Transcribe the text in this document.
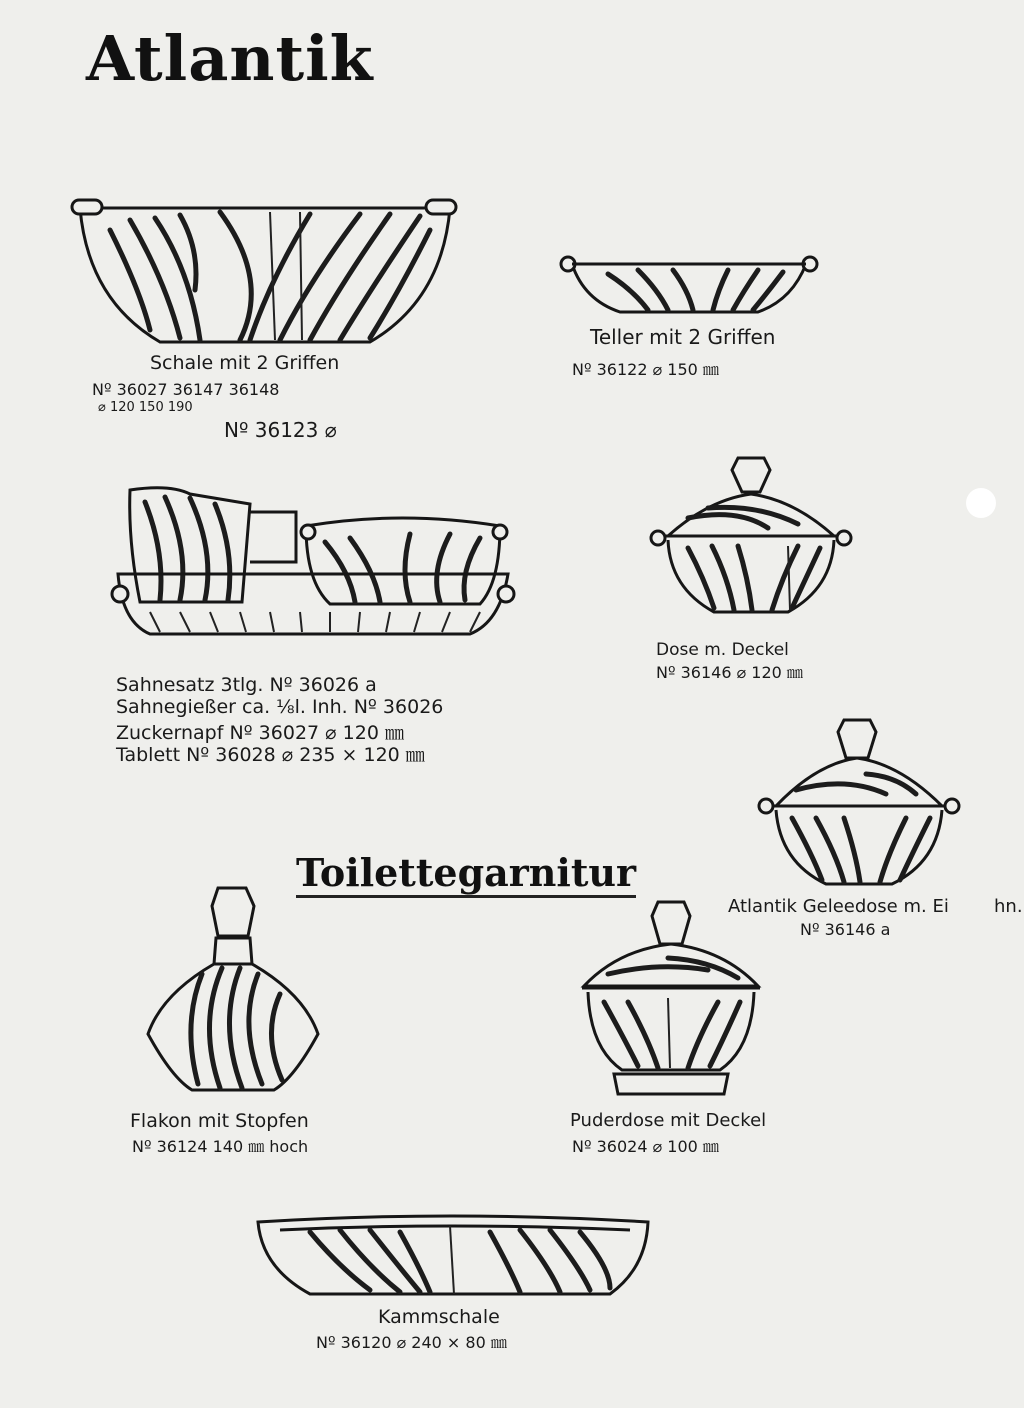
Atlantik
Schale mit 2 Griffen
Nº 36027 36147 36148
⌀ 120 150 190
Nº 36123 ⌀
Teller mit 2 Griffen
Nº 36122 ⌀ 150 ㎜
Sahnesatz 3tlg. Nº 36026 a
Sahnegießer ca. ⅛l. Inh. Nº 36026
Zuckernapf Nº 36027 ⌀ 120 ㎜
Tablett Nº 36028 ⌀ 235 × 120 ㎜
Dose m. Deckel
Nº 36146 ⌀ 120 ㎜
Atlantik Geleedose m. Ei	hn.
Nº 36146 a
Toilettegarnitur
Flakon mit Stopfen
Nº 36124 140 ㎜ hoch
Puderdose mit Deckel
Nº 36024 ⌀ 100 ㎜
Kammschale
Nº 36120 ⌀ 240 × 80 ㎜
